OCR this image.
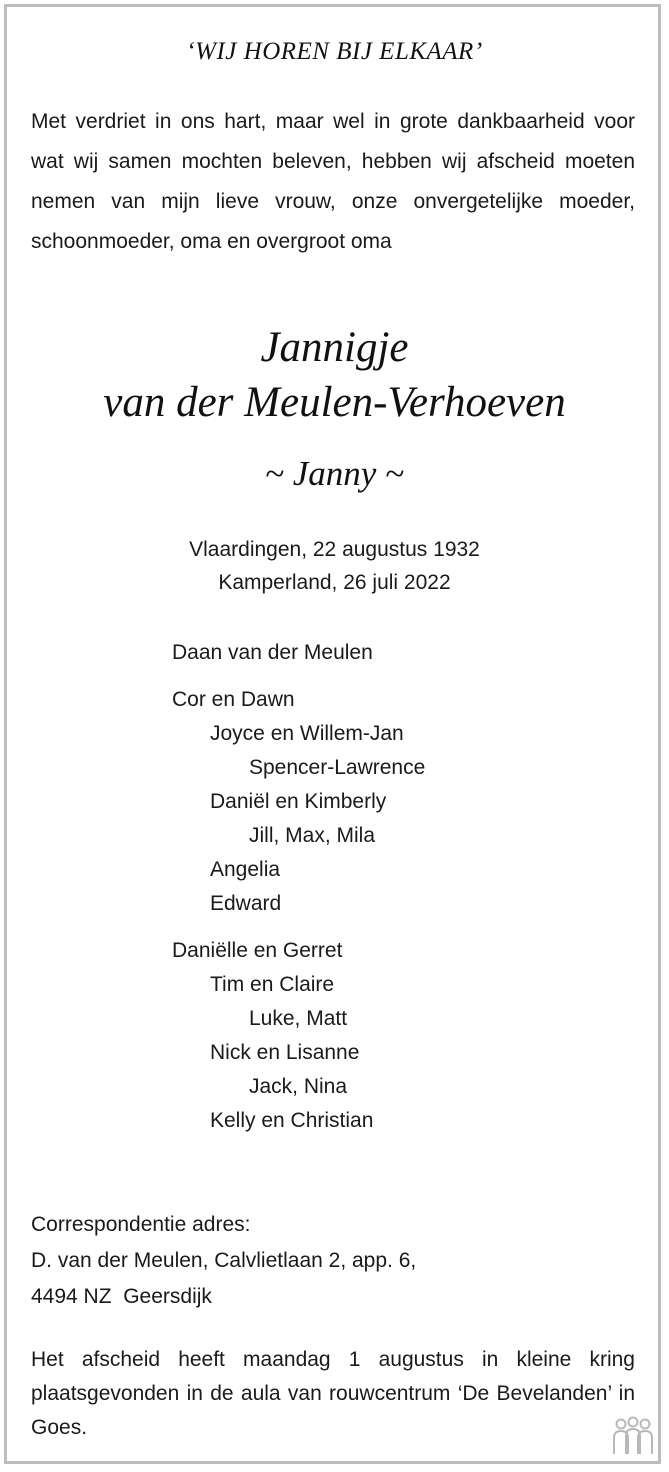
‘WIJ HOREN BIJ ELKAAR’
Met verdriet in ons hart, maar wel in grote dankbaarheid voor wat wij samen mochten beleven, hebben wij afscheid moeten nemen van mijn lieve vrouw, onze onvergetelijke moeder, schoonmoeder, oma en overgroot oma
Jannigje
van der Meulen-Verhoeven
~ Janny ~
Vlaardingen, 22 augustus 1932
Kamperland, 26 juli 2022
Daan van der Meulen
Cor en Dawn
Joyce en Willem-Jan
Spencer-Lawrence
Daniël en Kimberly
Jill, Max, Mila
Angelia
Edward
Daniëlle en Gerret
Tim en Claire
Luke, Matt
Nick en Lisanne
Jack, Nina
Kelly en Christian
Correspondentie adres:
D. van der Meulen, Calvlietlaan 2, app. 6,
4494 NZ  Geersdijk
Het afscheid heeft maandag 1 augustus in kleine kring plaatsgevonden in de aula van rouwcentrum ‘De Bevelanden’ in Goes.
